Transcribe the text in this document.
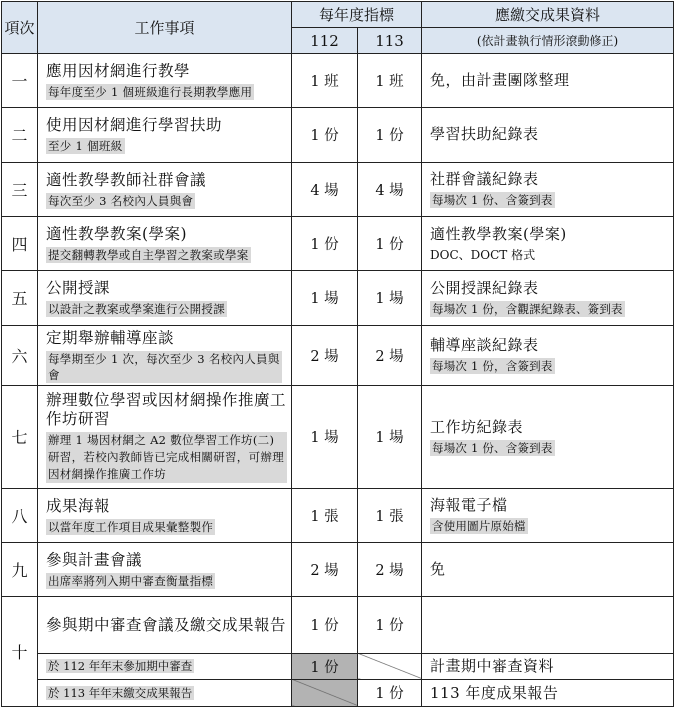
項次	工作事項	每年度指標		應繳交成果資料
		112	113	(依計畫執行情形滾動修正)
一	應用因材網進行教學
每年度至少 1 個班級進行長期教學應用	1 班	1 班	免，由計畫團隊整理

二	使用因材網進行學習扶助
至少 1 個班級	1 份	1 份	學習扶助紀錄表

三	適性教學教師社群會議
每次至少 3 名校內人員與會	4 場	4 場	社群會議紀錄表
每場次 1 份、含簽到表
四	適性教學教案(學案)
提交翻轉教學或自主學習之教案或學案	1 份	1 份	適性教學教案(學案)
DOC、DOCT 格式
五	公開授課
以設計之教案或學案進行公開授課	1 場	1 場	公開授課紀錄表
每場次 1 份，含觀課紀錄表、簽到表
六	定期舉辦輔導座談
每學期至少 1 次，每次至少 3 名校內人員與會	2 場	2 場	輔導座談紀錄表
每場次 1 份，含簽到表
七	辦理數位學習或因材網操作推廣工作坊研習
辦理 1 場因材網之 A2 數位學習工作坊(二)研習，若校內教師皆已完成相關研習，可辦理因材網操作推廣工作坊	1 場	1 場	工作坊紀錄表
每場次 1 份、含簽到表
八	成果海報
以當年度工作項目成果彙整製作	1 張	1 張	海報電子檔
含使用圖片原始檔
九	參與計畫會議
出席率將列入期中審查衡量指標	2 場	2 場	免

十	參與期中審查會議及繳交成果報告	1 份	1 份	
	於 112 年年末參加期中審查	1 份		計畫期中審查資料
	於 113 年年末繳交成果報告		1 份	113 年度成果報告
